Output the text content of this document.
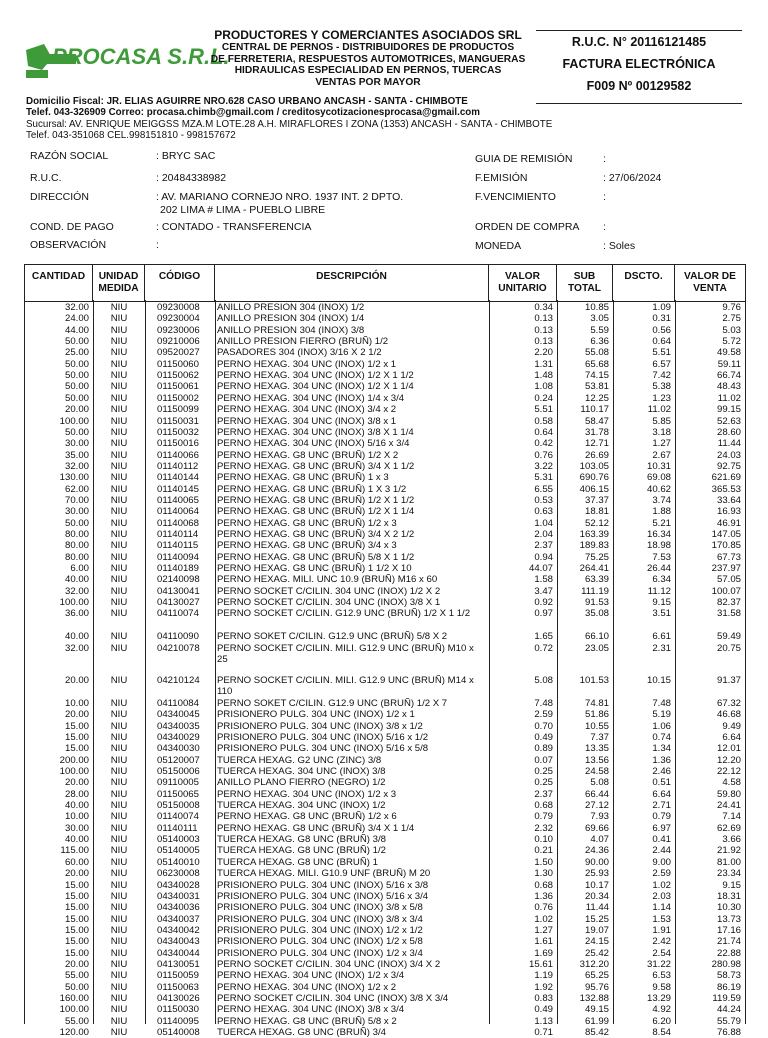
PROCASA S.R.L.
PRODUCTORES Y COMERCIANTES ASOCIADOS SRL
CENTRAL DE PERNOS - DISTRIBUIDORES DE PRODUCTOS
DE FERRETERIA, RESPUESTOS AUTOMOTRICES, MANGUERAS
HIDRAULICAS ESPECIALIDAD EN PERNOS, TUERCAS
VENTAS POR MAYOR
R.U.C. N° 20116121485
FACTURA ELECTRÓNICA
F009 Nº 00129582
Domicilio Fiscal: JR. ELIAS AGUIRRE NRO.628 CASO URBANO ANCASH - SANTA - CHIMBOTE
Telef. 043-326909 Correo: procasa.chimb@gmail.com / creditosycotizacionesprocasa@gmail.com
Sucursal: AV. ENRIQUE MEIGGSS MZA.M LOTE.28 A.H. MIRAFLORES I ZONA (1353) ANCASH - SANTA - CHIMBOTE
Telef. 043-351068 CEL.998151810 - 998157672
RAZÓN SOCIAL	: BRYC SAC
R.U.C.	: 20484338982
DIRECCIÓN	: AV. MARIANO CORNEJO NRO. 1937 INT. 2 DPTO.
202 LIMA # LIMA - PUEBLO LIBRE
COND. DE PAGO	: CONTADO - TRANSFERENCIA
OBSERVACIÓN	:
GUIA DE REMISIÓN	:
F.EMISIÓN	: 27/06/2024
F.VENCIMIENTO	:
ORDEN DE COMPRA :
MONEDA	: Soles
CANTIDAD	UNIDAD MEDIDA
CÓDIGO	DESCRIPCIÓN	VALOR UNITARIO
SUB TOTAL
DSCTO.	VALOR DE VENTA
32.00	NIU	09230008	ANILLO PRESION 304 (INOX) 1/2	0.34	10.85	1.09	9.76
24.00	NIU	09230004	ANILLO PRESION 304 (INOX) 1/4	0.13	3.05	0.31	2.75
44.00	NIU	09230006	ANILLO PRESION 304 (INOX) 3/8	0.13	5.59	0.56	5.03
50.00	NIU	09210006	ANILLO PRESION FIERRO (BRUÑ) 1/2	0.13	6.36	0.64	5.72
25.00	NIU	09520027	PASADORES 304 (INOX) 3/16 X 2 1/2	2.20	55.08	5.51	49.58
50.00	NIU	01150060	PERNO HEXAG. 304 UNC (INOX) 1/2 x 1	1.31	65.68	6.57	59.11
50.00	NIU	01150062	PERNO HEXAG. 304 UNC (INOX) 1/2 X 1 1/2	1.48	74.15	7.42	66.74
50.00	NIU	01150061	PERNO HEXAG. 304 UNC (INOX) 1/2 X 1 1/4	1.08	53.81	5.38	48.43
50.00	NIU	01150002	PERNO HEXAG. 304 UNC (INOX) 1/4 x 3/4	0.24	12.25	1.23	11.02
20.00	NIU	01150099	PERNO HEXAG. 304 UNC (INOX) 3/4 x 2	5.51	110.17	11.02	99.15
100.00	NIU	01150031	PERNO HEXAG. 304 UNC (INOX) 3/8 x 1	0.58	58.47	5.85	52.63
50.00	NIU	01150032	PERNO HEXAG. 304 UNC (INOX) 3/8 X 1 1/4	0.64	31.78	3.18	28.60
30.00	NIU	01150016	PERNO HEXAG. 304 UNC (INOX) 5/16 x 3/4	0.42	12.71	1.27	11.44
35.00	NIU	01140066	PERNO HEXAG. G8 UNC (BRUÑ) 1/2 X 2	0.76	26.69	2.67	24.03
32.00	NIU	01140112	PERNO HEXAG. G8 UNC (BRUÑ) 3/4 X 1 1/2	3.22	103.05	10.31	92.75
130.00	NIU	01140144	PERNO HEXAG. G8 UNC (BRUÑ) 1 x 3	5.31	690.76	69.08	621.69
62.00	NIU	01140145	PERNO HEXAG. G8 UNC (BRUÑ) 1 X 3 1/2	6.55	406.15	40.62	365.53
70.00	NIU	01140065	PERNO HEXAG. G8 UNC (BRUÑ) 1/2 X 1 1/2	0.53	37.37	3.74	33.64
30.00	NIU	01140064	PERNO HEXAG. G8 UNC (BRUÑ) 1/2 X 1 1/4	0.63	18.81	1.88	16.93
50.00	NIU	01140068	PERNO HEXAG. G8 UNC (BRUÑ) 1/2 x 3	1.04	52.12	5.21	46.91
80.00	NIU	01140114	PERNO HEXAG. G8 UNC (BRUÑ) 3/4 X 2 1/2	2.04	163.39	16.34	147.05
80.00	NIU	01140115	PERNO HEXAG. G8 UNC (BRUÑ) 3/4 x 3	2.37	189.83	18.98	170.85
80.00	NIU	01140094	PERNO HEXAG. G8 UNC (BRUÑ) 5/8 X 1 1/2	0.94	75.25	7.53	67.73
6.00	NIU	01140189	PERNO HEXAG. G8 UNC (BRUÑ) 1 1/2 X 10	44.07	264.41	26.44	237.97
40.00	NIU	02140098	PERNO HEXAG. MILI. UNC 10.9 (BRUÑ) M16 x 60	1.58	63.39	6.34	57.05
32.00	NIU	04130041	PERNO SOCKET C/CILIN. 304 UNC (INOX) 1/2 X 2	3.47	111.19	11.12	100.07
100.00	NIU	04130027	PERNO SOCKET C/CILIN. 304 UNC (INOX) 3/8 X 1	0.92	91.53	9.15	82.37
36.00	NIU	04110074	PERNO SOCKET C/CILIN. G12.9 UNC (BRUÑ) 1/2 X 1 1/2	0.97	35.08	3.51	31.58
40.00	NIU	04110090	PERNO SOKET C/CILIN. G12.9 UNC (BRUÑ) 5/8 X 2	1.65	66.10	6.61	59.49
32.00	NIU	04210078	PERNO SOCKET C/CILIN. MILI. G12.9 UNC (BRUÑ) M10 x 25
0.72	23.05	2.31	20.75
20.00	NIU	04210124	PERNO SOCKET C/CILIN. MILI. G12.9 UNC (BRUÑ) M14 x 110
5.08	101.53	10.15	91.37
10.00	NIU	04110084	PERNO SOKET C/CILIN. G12.9 UNC (BRUÑ) 1/2 X 7	7.48	74.81	7.48	67.32
20.00	NIU	04340045	PRISIONERO PULG. 304 UNC (INOX) 1/2 x 1	2.59	51.86	5.19	46.68
15.00	NIU	04340035	PRISIONERO PULG. 304 UNC (INOX) 3/8 x 1/2	0.70	10.55	1.06	9.49
15.00	NIU	04340029	PRISIONERO PULG. 304 UNC (INOX) 5/16 x 1/2	0.49	7.37	0.74	6.64
15.00	NIU	04340030	PRISIONERO PULG. 304 UNC (INOX) 5/16 x 5/8	0.89	13.35	1.34	12.01
200.00	NIU	05120007	TUERCA HEXAG. G2 UNC (ZINC) 3/8	0.07	13.56	1.36	12.20
100.00	NIU	05150006	TUERCA HEXAG. 304 UNC (INOX) 3/8	0.25	24.58	2.46	22.12
20.00	NIU	09110005	ANILLO PLANO FIERRO (NEGRO) 1/2	0.25	5.08	0.51	4.58
28.00	NIU	01150065	PERNO HEXAG. 304 UNC (INOX) 1/2 x 3	2.37	66.44	6.64	59.80
40.00	NIU	05150008	TUERCA HEXAG. 304 UNC (INOX) 1/2	0.68	27.12	2.71	24.41
10.00	NIU	01140074	PERNO HEXAG. G8 UNC (BRUÑ) 1/2 x 6	0.79	7.93	0.79	7.14
30.00	NIU	01140111	PERNO HEXAG. G8 UNC (BRUÑ) 3/4 X 1 1/4	2.32	69.66	6.97	62.69
40.00	NIU	05140003	TUERCA HEXAG. G8 UNC (BRUÑ) 3/8	0.10	4.07	0.41	3.66
115.00	NIU	05140005	TUERCA HEXAG. G8 UNC (BRUÑ) 1/2	0.21	24.36	2.44	21.92
60.00	NIU	05140010	TUERCA HEXAG. G8 UNC (BRUÑ) 1	1.50	90.00	9.00	81.00
20.00	NIU	06230008	TUERCA HEXAG. MILI. G10.9 UNF (BRUÑ) M 20	1.30	25.93	2.59	23.34
15.00	NIU	04340028	PRISIONERO PULG. 304 UNC (INOX) 5/16 x 3/8	0.68	10.17	1.02	9.15
15.00	NIU	04340031	PRISIONERO PULG. 304 UNC (INOX) 5/16 x 3/4	1.36	20.34	2.03	18.31
15.00	NIU	04340036	PRISIONERO PULG. 304 UNC (INOX) 3/8 x 5/8	0.76	11.44	1.14	10.30
15.00	NIU	04340037	PRISIONERO PULG. 304 UNC (INOX) 3/8 x 3/4	1.02	15.25	1.53	13.73
15.00	NIU	04340042	PRISIONERO PULG. 304 UNC (INOX) 1/2 x 1/2	1.27	19.07	1.91	17.16
15.00	NIU	04340043	PRISIONERO PULG. 304 UNC (INOX) 1/2 x 5/8	1.61	24.15	2.42	21.74
15.00	NIU	04340044	PRISIONERO PULG. 304 UNC (INOX) 1/2 x 3/4	1.69	25.42	2.54	22.88
20.00	NIU	04130051	PERNO SOCKET C/CILIN. 304 UNC (INOX) 3/4 X 2	15.61	312.20	31.22	280.98
55.00	NIU	01150059	PERNO HEXAG. 304 UNC (INOX) 1/2 x 3/4	1.19	65.25	6.53	58.73
50.00	NIU	01150063	PERNO HEXAG. 304 UNC (INOX) 1/2 x 2	1.92	95.76	9.58	86.19
160.00	NIU	04130026	PERNO SOCKET C/CILIN. 304 UNC (INOX) 3/8 X 3/4	0.83	132.88	13.29	119.59
100.00	NIU	01150030	PERNO HEXAG. 304 UNC (INOX) 3/8 x 3/4	0.49	49.15	4.92	44.24
55.00	NIU	01140095	PERNO HEXAG. G8 UNC (BRUÑ) 5/8 x 2	1.13	61.99	6.20	55.79
120.00	NIU	05140008	TUERCA HEXAG. G8 UNC (BRUÑ) 3/4	0.71	85.42	8.54	76.88
